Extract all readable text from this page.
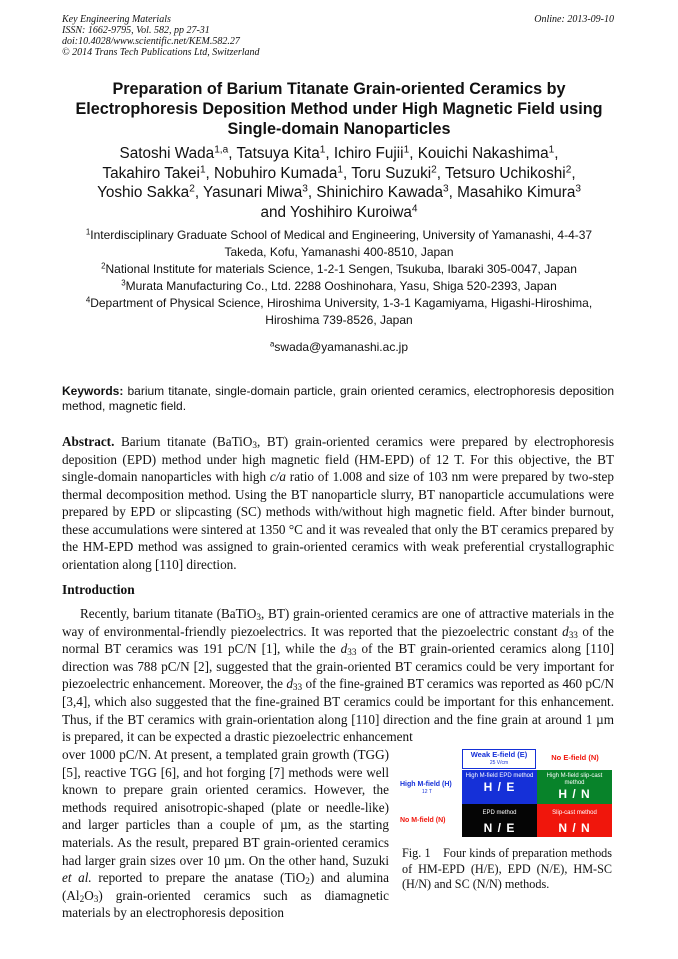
Key Engineering Materials
ISSN: 1662-9795, Vol. 582, pp 27-31
doi:10.4028/www.scientific.net/KEM.582.27
© 2014 Trans Tech Publications Ltd, Switzerland
Online: 2013-09-10
Preparation of Barium Titanate Grain-oriented Ceramics by
Electrophoresis Deposition Method under High Magnetic Field using
Single-domain Nanoparticles
Satoshi Wada$^{1,a}$, Tatsuya Kita$^1$, Ichiro Fujii$^1$, Kouichi Nakashima$^1$,
Takahiro Takei$^1$, Nobuhiro Kumada$^1$, Toru Suzuki$^2$, Tetsuro Uchikoshi$^2$,
Yoshio Sakka$^2$, Yasunari Miwa$^3$, Shinichiro Kawada$^3$, Masahiko Kimura$^3$
and Yoshihiro Kuroiwa$^4$
$^1$Interdisciplinary Graduate School of Medical and Engineering, University of Yamanashi, 4-4-37
Takeda, Kofu, Yamanashi 400-8510, Japan
$^2$National Institute for materials Science, 1-2-1 Sengen, Tsukuba, Ibaraki 305-0047, Japan
$^3$Murata Manufacturing Co., Ltd. 2288 Ooshinohara, Yasu, Shiga 520-2393, Japan
$^4$Department of Physical Science, Hiroshima University, 1-3-1 Kagamiyama, Higashi-Hiroshima,
Hiroshima 739-8526, Japan
$^a$swada@yamanashi.ac.jp
Keywords: barium titanate, single-domain particle, grain oriented ceramics, electrophoresis deposition method, magnetic field.
Abstract. Barium titanate (BaTiO$_3$, BT) grain-oriented ceramics were prepared by electrophoresis deposition (EPD) method under high magnetic field (HM-EPD) of 12 T. For this objective, the BT single-domain nanoparticles with high c/a ratio of 1.008 and size of 103 nm were prepared by two-step thermal decomposition method. Using the BT nanoparticle slurry, BT nanoparticle accumulations were prepared by EPD or slipcasting (SC) methods with/without high magnetic field. After binder burnout, these accumulations were sintered at 1350 °C and it was revealed that only the BT ceramics prepared by the HM-EPD method was assigned to grain-oriented ceramics with weak preferential crystallographic orientation along [110] direction.
Introduction
Recently, barium titanate (BaTiO$_3$, BT) grain-oriented ceramics are one of attractive materials in the way of environmental-friendly piezoelectrics. It was reported that the piezoelectric constant $d_{33}$ of the normal BT ceramics was 191 pC/N [1], while the $d_{33}$ of the BT grain-oriented ceramics along [110] direction was 788 pC/N [2], suggested that the grain-oriented BT ceramics could be very important for piezoelectric enhancement. Moreover, the $d_{33}$ of the fine-grained BT ceramics was reported as 460 pC/N [3,4], which also suggested that the fine-grained BT ceramics could be important for this enhancement. Thus, if the BT ceramics with grain-orientation along [110] direction and the fine grain at around 1 µm is prepared, it can be expected a drastic piezoelectric enhancement
over 1000 pC/N. At present, a templated grain growth (TGG) [5], reactive TGG [6], and hot forging [7] methods were well known to prepare grain oriented ceramics. However, the methods required anisotropic-shaped (plate or needle-like) and larger particles than a couple of µm, as the starting materials. As the result, prepared BT grain-oriented ceramics had larger grain sizes over 10 µm. On the other hand, Suzuki et al. reported to prepare the anatase (TiO$_2$) and alumina $(Al_2O_3)$ grain-oriented ceramics such as diamagnetic materials by an electrophoresis deposition
Weak E-field (E)
25 V/cm
No E-field (N)
High M-field (H)
12 T
No M-field (N)
High M-field EPD method
H / E
High M-field slip-cast method
H / N
EPD method
N / E
Slip-cast method
N / N
Fig. 1 Four kinds of preparation methods of HM-EPD (H/E), EPD (N/E), HM-SC (H/N) and SC (N/N) methods.
